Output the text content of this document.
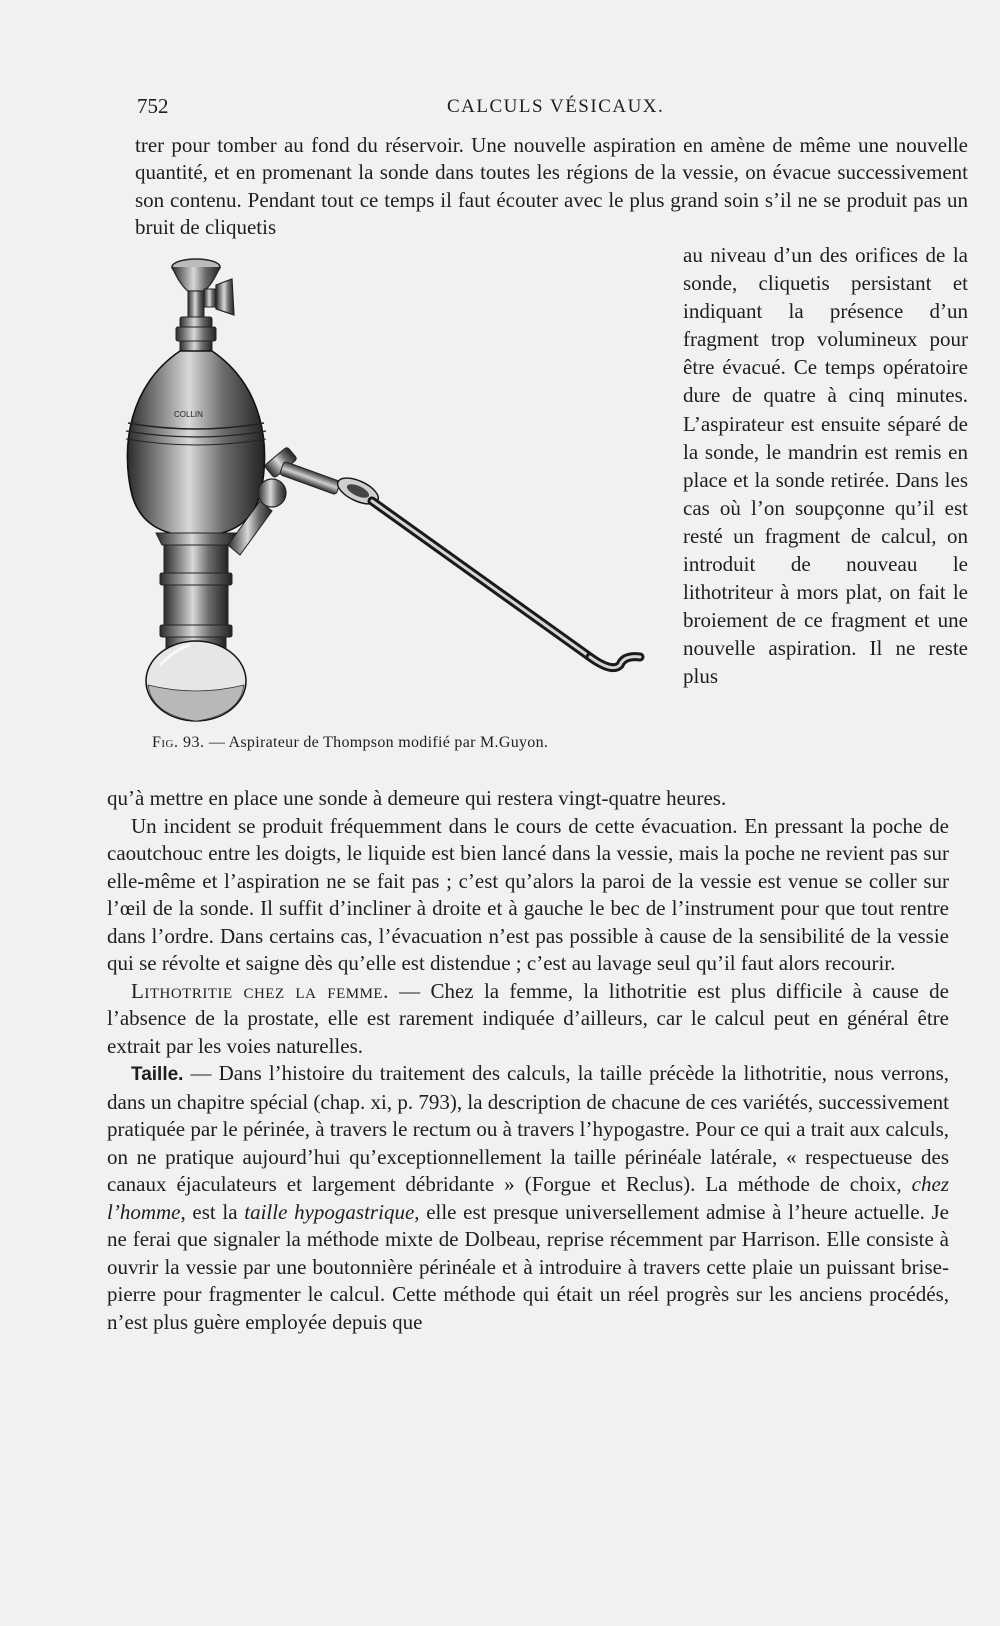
752	CALCULS VÉSICAUX.

trer pour tomber au fond du réservoir. Une nouvelle aspiration en amène de même une nouvelle quantité, et en promenant la sonde dans toutes les régions de la vessie, on évacue successivement son contenu. Pendant tout ce temps il faut écouter avec le plus grand soin s’il ne se produit pas un bruit de cliquetis

COLLIN
Fig. 93. — Aspirateur de Thompson modifié par M.Guyon.

au niveau d’un des orifices de la sonde, cliquetis persistant et indiquant la présence d’un fragment trop volumineux pour être évacué. Ce temps opératoire dure de quatre à cinq minutes. L’aspirateur est ensuite séparé de la sonde, le mandrin est remis en place et la sonde retirée. Dans les cas où l’on soupçonne qu’il est resté un fragment de calcul, on introduit de nouveau le lithotriteur à mors plat, on fait le broiement de ce fragment et une nouvelle aspiration. Il ne reste plus

qu’à mettre en place une sonde à demeure qui restera vingt-quatre heures.

Un incident se produit fréquemment dans le cours de cette évacuation. En pressant la poche de caoutchouc entre les doigts, le liquide est bien lancé dans la vessie, mais la poche ne revient pas sur elle-même et l’aspiration ne se fait pas ; c’est qu’alors la paroi de la vessie est venue se coller sur l’œil de la sonde. Il suffit d’incliner à droite et à gauche le bec de l’instrument pour que tout rentre dans l’ordre. Dans certains cas, l’évacuation n’est pas possible à cause de la sensibilité de la vessie qui se révolte et saigne dès qu’elle est distendue ; c’est au lavage seul qu’il faut alors recourir.

Lithotritie chez la femme. — Chez la femme, la lithotritie est plus difficile à cause de l’absence de la prostate, elle est rarement indiquée d’ailleurs, car le calcul peut en général être extrait par les voies naturelles.

Taille. — Dans l’histoire du traitement des calculs, la taille précède la lithotritie, nous verrons, dans un chapitre spécial (chap. xi, p. 793), la description de chacune de ces variétés, successivement pratiquée par le périnée, à travers le rectum ou à travers l’hypogastre. Pour ce qui a trait aux calculs, on ne pratique aujourd’hui qu’exceptionnellement la taille périnéale latérale, « respectueuse des canaux éjaculateurs et largement débridante » (Forgue et Reclus). La méthode de choix, chez l’homme, est la taille hypogastrique, elle est presque universellement admise à l’heure actuelle. Je ne ferai que signaler la méthode mixte de Dolbeau, reprise récemment par Harrison. Elle consiste à ouvrir la vessie par une boutonnière périnéale et à introduire à travers cette plaie un puissant brise-pierre pour fragmenter le calcul. Cette méthode qui était un réel progrès sur les anciens procédés, n’est plus guère employée depuis que
